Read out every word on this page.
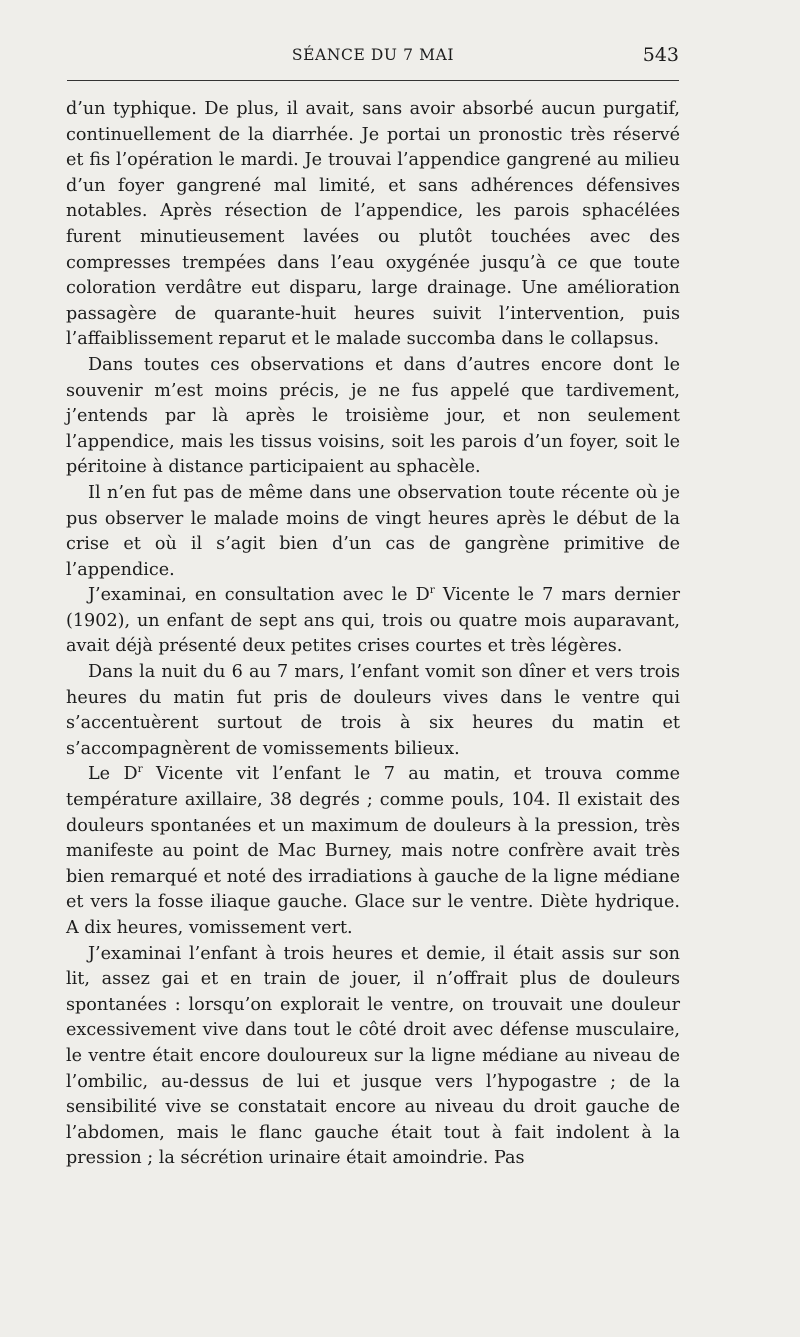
SÉANCE DU 7 MAI	543

d’un typhique. De plus, il avait, sans avoir absorbé aucun purgatif, continuellement de la diarrhée. Je portai un pronostic très réservé et fis l’opération le mardi. Je trouvai l’appendice gangrené au milieu d’un foyer gangrené mal limité, et sans adhérences défensives notables. Après résection de l’appendice, les parois sphacélées furent minutieusement lavées ou plutôt touchées avec des compresses trempées dans l’eau oxygénée jusqu’à ce que toute coloration verdâtre eut disparu, large drainage. Une amélioration passagère de quarante-huit heures suivit l’intervention, puis l’affaiblissement reparut et le malade succomba dans le collapsus.

Dans toutes ces observations et dans d’autres encore dont le souvenir m’est moins précis, je ne fus appelé que tardivement, j’entends par là après le troisième jour, et non seulement l’appendice, mais les tissus voisins, soit les parois d’un foyer, soit le péritoine à distance participaient au sphacèle.

Il n’en fut pas de même dans une observation toute récente où je pus observer le malade moins de vingt heures après le début de la crise et où il s’agit bien d’un cas de gangrène primitive de l’appendice.

J’examinai, en consultation avec le $D^r$ Vicente le 7 mars dernier (1902), un enfant de sept ans qui, trois ou quatre mois auparavant, avait déjà présenté deux petites crises courtes et très légères.

Dans la nuit du 6 au 7 mars, l’enfant vomit son dîner et vers trois heures du matin fut pris de douleurs vives dans le ventre qui s’accentuèrent surtout de trois à six heures du matin et s’accompagnèrent de vomissements bilieux.

Le $D^r$ Vicente vit l’enfant le 7 au matin, et trouva comme température axillaire, 38 degrés ; comme pouls, 104. Il existait des douleurs spontanées et un maximum de douleurs à la pression, très manifeste au point de Mac Burney, mais notre confrère avait très bien remarqué et noté des irradiations à gauche de la ligne médiane et vers la fosse iliaque gauche. Glace sur le ventre. Diète hydrique. A dix heures, vomissement vert.

J’examinai l’enfant à trois heures et demie, il était assis sur son lit, assez gai et en train de jouer, il n’offrait plus de douleurs spontanées : lorsqu’on explorait le ventre, on trouvait une douleur excessivement vive dans tout le côté droit avec défense musculaire, le ventre était encore douloureux sur la ligne médiane au niveau de l’ombilic, au-dessus de lui et jusque vers l’hypogastre ; de la sensibilité vive se constatait encore au niveau du droit gauche de l’abdomen, mais le flanc gauche était tout à fait indolent à la pression ; la sécrétion urinaire était amoindrie. Pas
